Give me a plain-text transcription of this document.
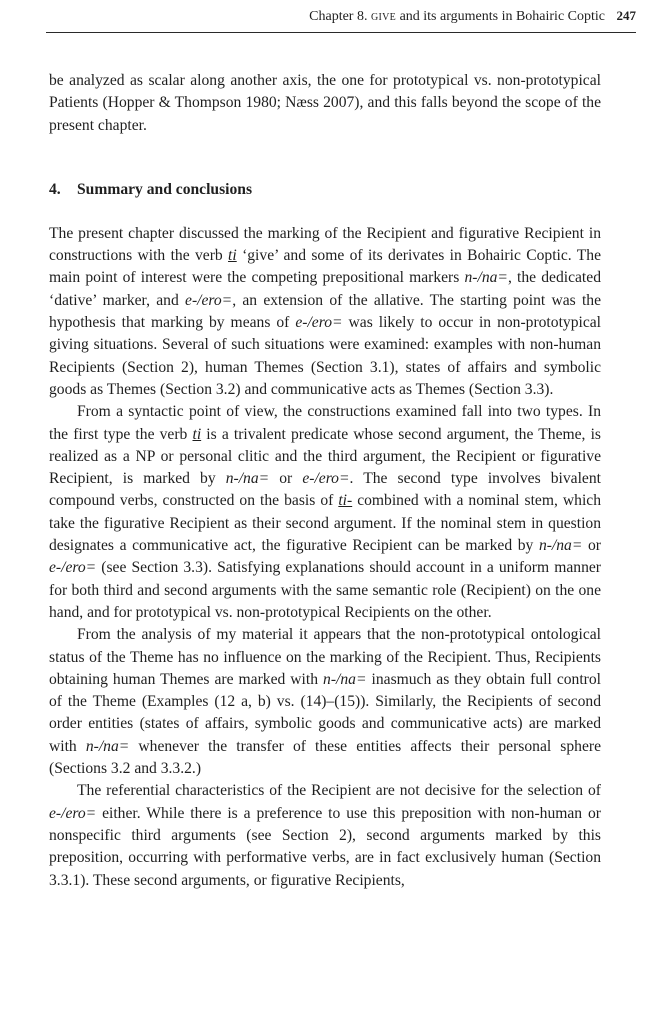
Chapter 8. give and its arguments in Bohairic Coptic 247

be analyzed as scalar along another axis, the one for prototypical vs. non-prototypical Patients (Hopper & Thompson 1980; Næss 2007), and this falls beyond the scope of the present chapter.

4. Summary and conclusions

The present chapter discussed the marking of the Recipient and figurative Recipient in constructions with the verb ti ‘give’ and some of its derivates in Bohairic Coptic. The main point of interest were the competing prepositional markers n-/na=, the dedicated ‘dative’ marker, and e-/ero=, an extension of the allative. The starting point was the hypothesis that marking by means of e-/ero= was likely to occur in non-prototypical giving situations. Several of such situations were examined: examples with non-human Recipients (Section 2), human Themes (Section 3.1), states of affairs and symbolic goods as Themes (Section 3.2) and communicative acts as Themes (Section 3.3).

From a syntactic point of view, the constructions examined fall into two types. In the first type the verb ti is a trivalent predicate whose second argument, the Theme, is realized as a NP or personal clitic and the third argument, the Recipient or figurative Recipient, is marked by n-/na= or e-/ero=. The second type involves bivalent compound verbs, constructed on the basis of ti- combined with a nominal stem, which take the figurative Recipient as their second argument. If the nominal stem in question designates a communicative act, the figurative Recipient can be marked by n-/na= or e-/ero= (see Section 3.3). Satisfying explanations should account in a uniform manner for both third and second arguments with the same semantic role (Recipient) on the one hand, and for prototypical vs. non-prototypical Recipients on the other.

From the analysis of my material it appears that the non-prototypical ontological status of the Theme has no influence on the marking of the Recipient. Thus, Recipients obtaining human Themes are marked with n-/na= inasmuch as they obtain full control of the Theme (Examples (12 a, b) vs. (14)–(15)). Similarly, the Recipients of second order entities (states of affairs, symbolic goods and communicative acts) are marked with n-/na= whenever the transfer of these entities affects their personal sphere (Sections 3.2 and 3.3.2.)

The referential characteristics of the Recipient are not decisive for the selection of e-/ero= either. While there is a preference to use this preposition with non-human or nonspecific third arguments (see Section 2), second arguments marked by this preposition, occurring with performative verbs, are in fact exclusively human (Section 3.3.1). These second arguments, or figurative Recipients,
